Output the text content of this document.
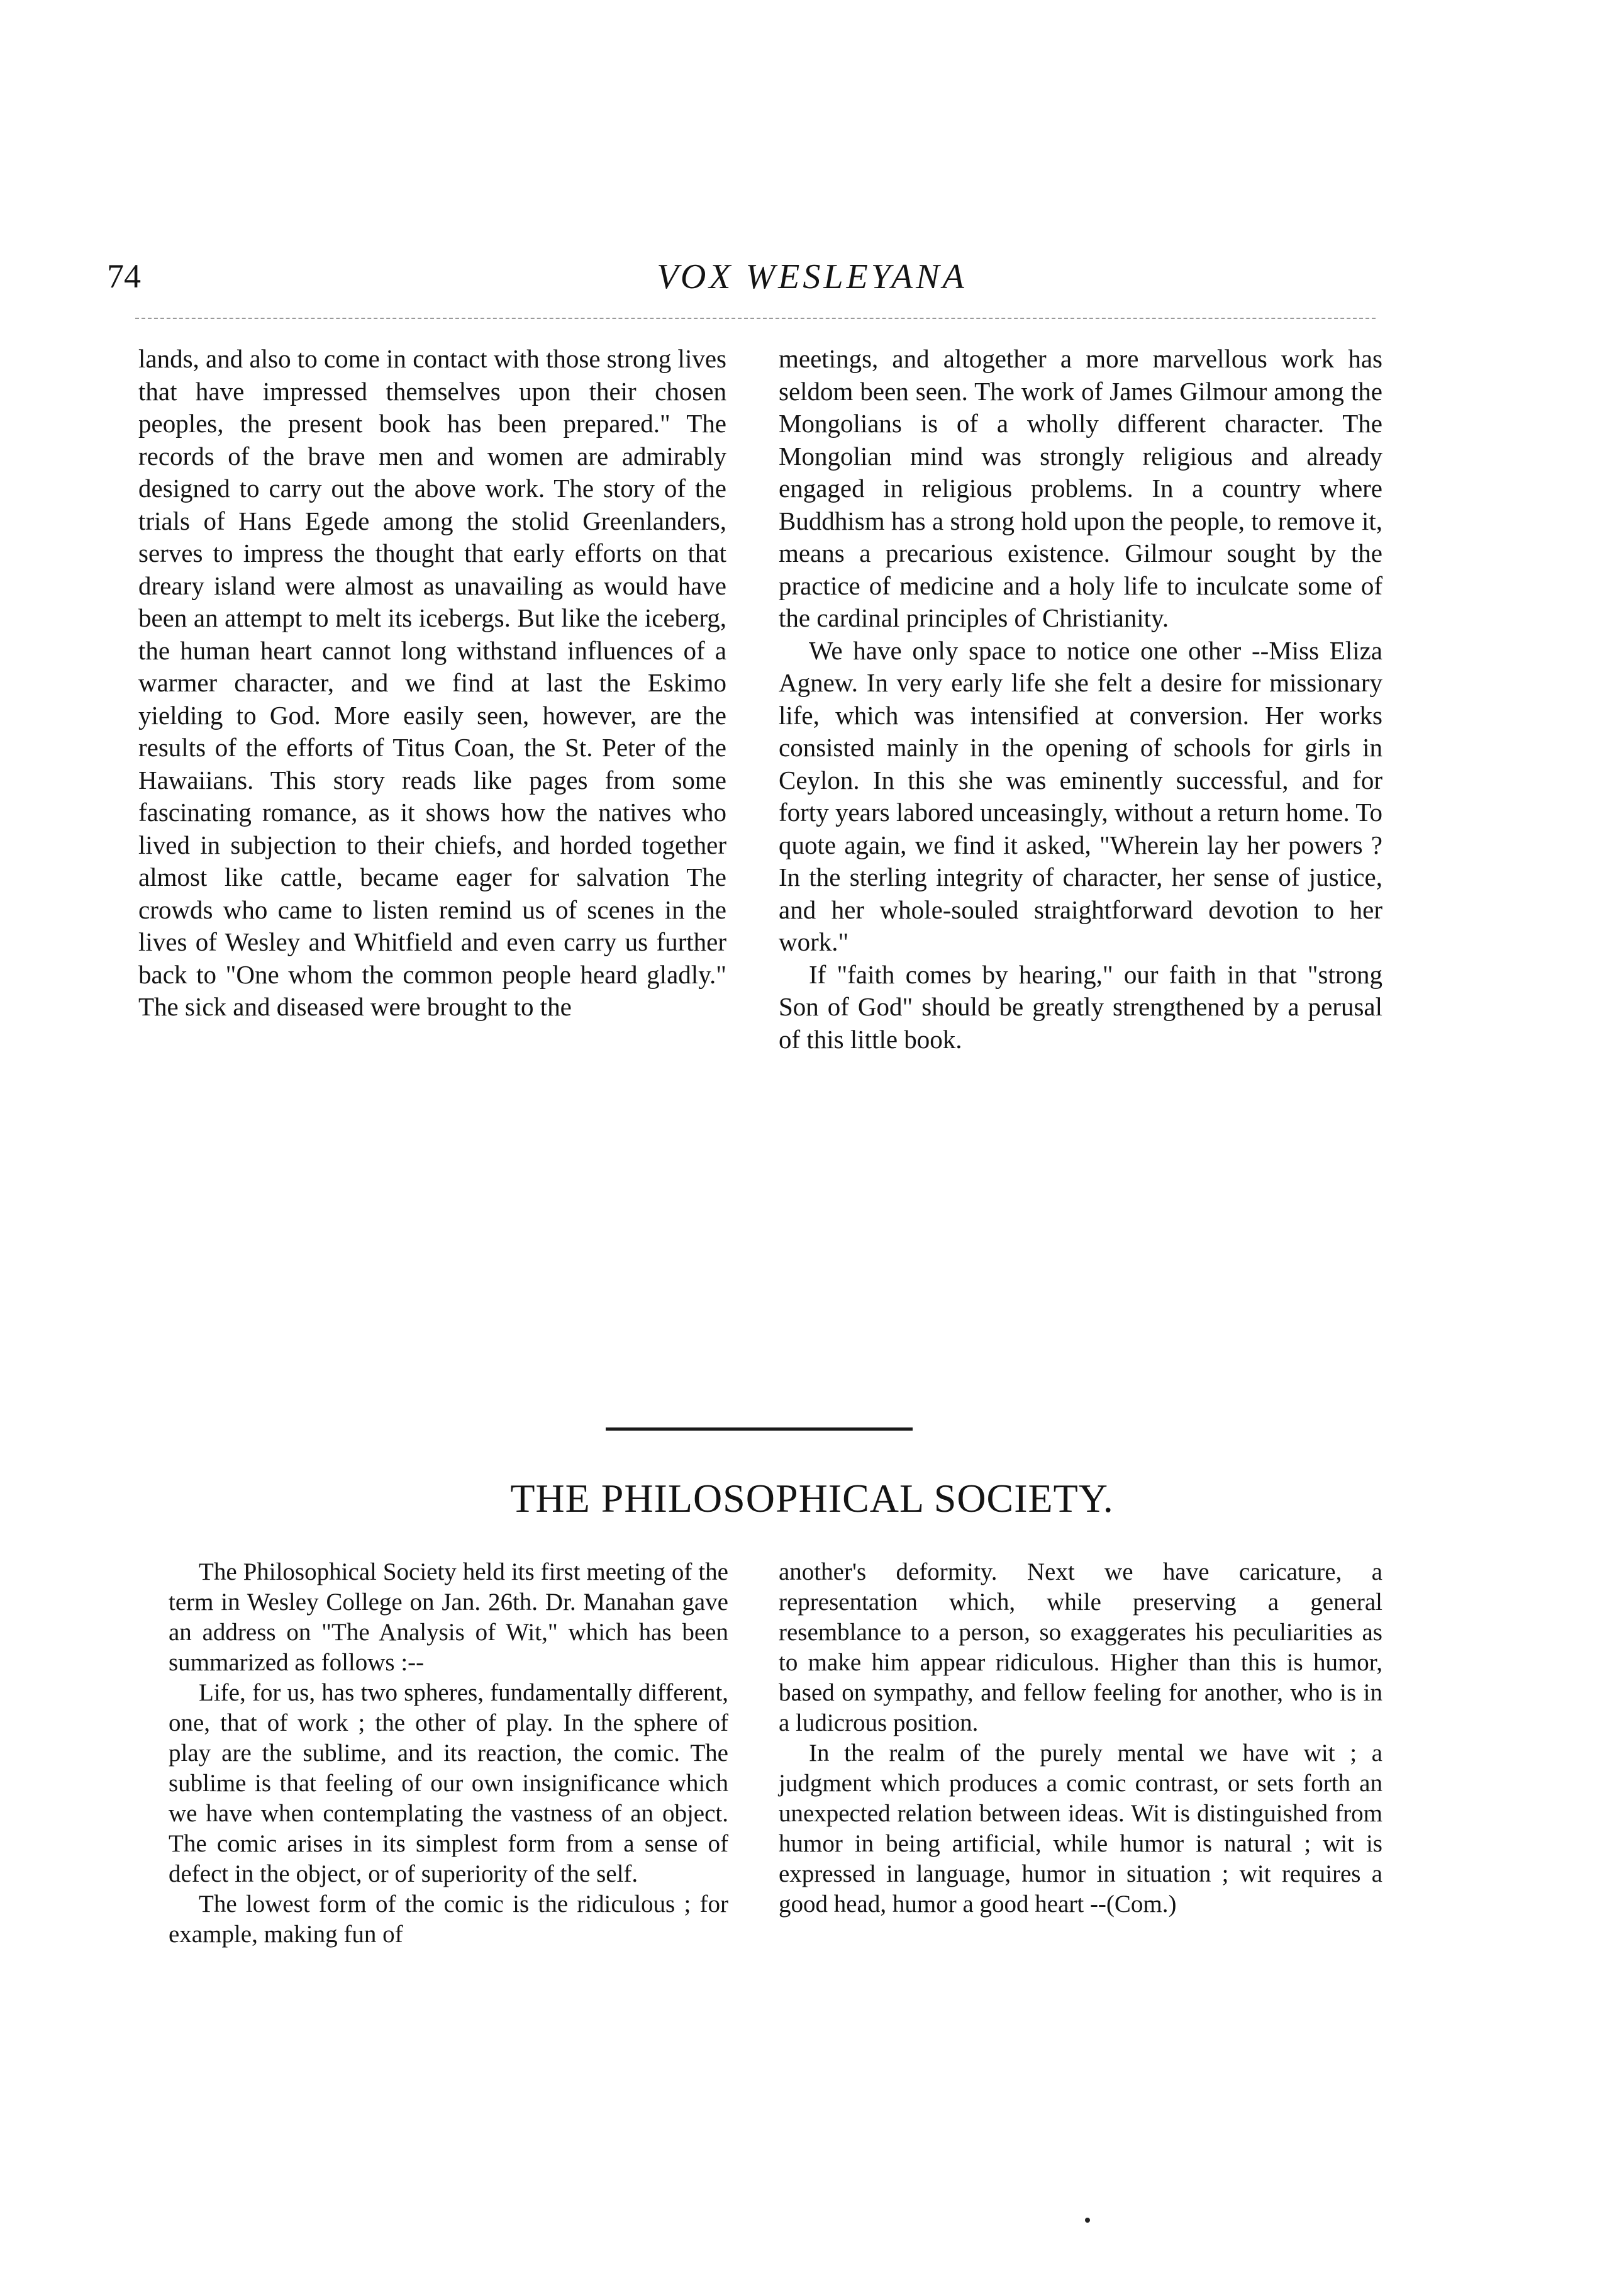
74	VOX WESLEYANA

lands, and also to come in contact with those strong lives that have impressed themselves upon their chosen peoples, the present book has been prepared." The records of the brave men and women are admirably designed to carry out the above work. The story of the trials of Hans Egede among the stolid Greenlanders, serves to impress the thought that early efforts on that dreary island were almost as unavailing as would have been an attempt to melt its icebergs. But like the iceberg, the human heart cannot long withstand influences of a warmer character, and we find at last the Eskimo yielding to God. More easily seen, however, are the results of the efforts of Titus Coan, the St. Peter of the Hawaiians. This story reads like pages from some fascinating romance, as it shows how the natives who lived in subjection to their chiefs, and horded together almost like cattle, became eager for salvation The crowds who came to listen remind us of scenes in the lives of Wesley and Whitfield and even carry us further back to "One whom the common people heard gladly." The sick and diseased were brought to the

meetings, and altogether a more marvellous work has seldom been seen. The work of James Gilmour among the Mongolians is of a wholly different character. The Mongolian mind was strongly religious and already engaged in religious problems. In a country where Buddhism has a strong hold upon the people, to remove it, means a precarious existence. Gilmour sought by the practice of medicine and a holy life to inculcate some of the cardinal principles of Christianity.

We have only space to notice one other --Miss Eliza Agnew. In very early life she felt a desire for missionary life, which was intensified at conversion. Her works consisted mainly in the opening of schools for girls in Ceylon. In this she was eminently successful, and for forty years labored unceasingly, without a return home. To quote again, we find it asked, "Wherein lay her powers ? In the sterling integrity of character, her sense of justice, and her whole-souled straightforward devotion to her work."

If "faith comes by hearing," our faith in that "strong Son of God" should be greatly strengthened by a perusal of this little book.

THE PHILOSOPHICAL SOCIETY.

The Philosophical Society held its first meeting of the term in Wesley College on Jan. 26th. Dr. Manahan gave an address on "The Analysis of Wit," which has been summarized as follows :--

Life, for us, has two spheres, fundamentally different, one, that of work ; the other of play. In the sphere of play are the sublime, and its reaction, the comic. The sublime is that feeling of our own insignificance which we have when contemplating the vastness of an object. The comic arises in its simplest form from a sense of defect in the object, or of superiority of the self.

The lowest form of the comic is the ridiculous ; for example, making fun of

another's deformity. Next we have caricature, a representation which, while preserving a general resemblance to a person, so exaggerates his peculiarities as to make him appear ridiculous. Higher than this is humor, based on sympathy, and fellow feeling for another, who is in a ludicrous position.

In the realm of the purely mental we have wit ; a judgment which produces a comic contrast, or sets forth an unexpected relation between ideas. Wit is distinguished from humor in being artificial, while humor is natural ; wit is expressed in language, humor in situation ; wit requires a good head, humor a good heart --(Com.)
